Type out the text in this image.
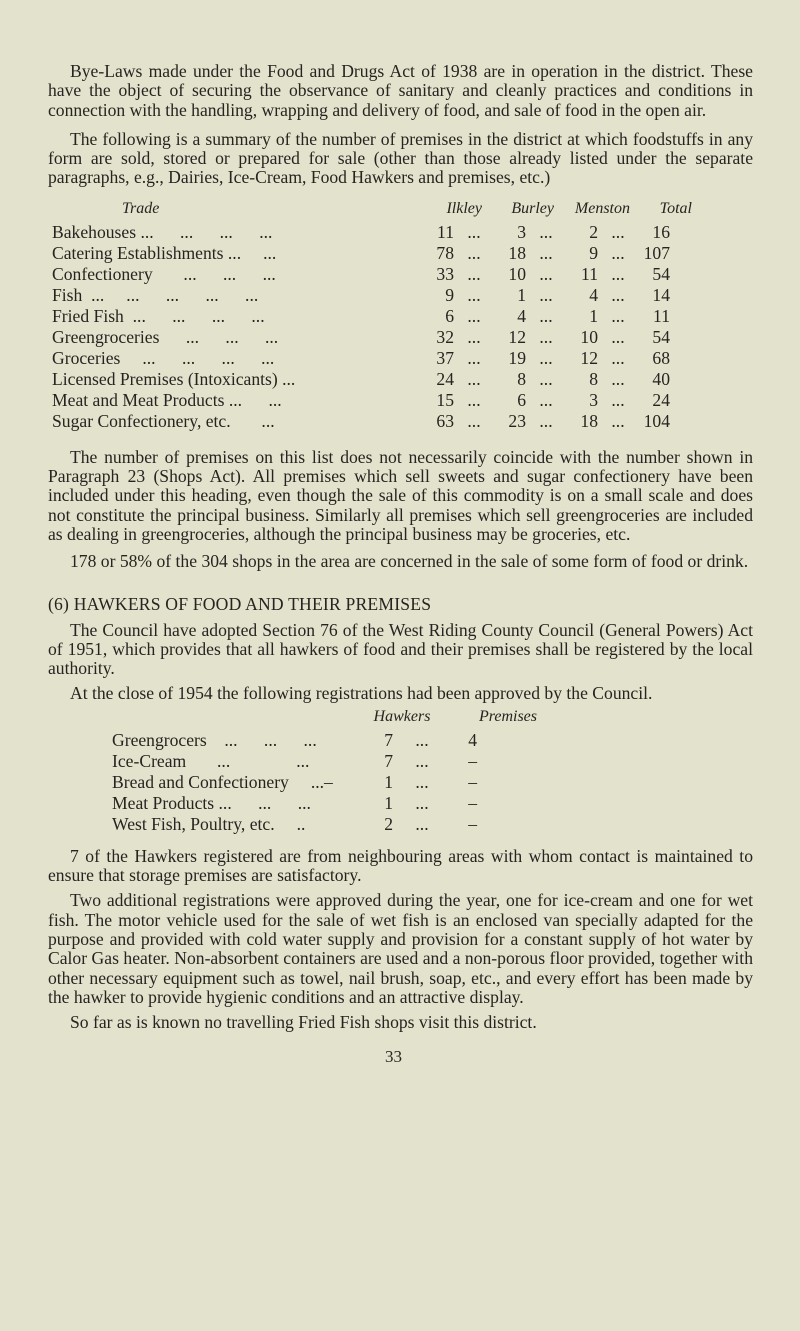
Bye-Laws made under the Food and Drugs Act of 1938 are in operation in the district. These have the object of securing the observance of sanitary and cleanly practices and conditions in connection with the handling, wrapping and delivery of food, and sale of food in the open air.

The following is a summary of the number of premises in the district at which foodstuffs in any form are sold, stored or prepared for sale (other than those already listed under the separate paragraphs, e.g., Dairies, Ice-Cream, Food Hawkers and premises, etc.)

Trade	Ilkley	Burley	Menston	Total
Bakehouses ...      ...      ...      ...	11 ...	3 ...	2 ...	16
Catering Establishments ...     ...	78 ...	18 ...	9 ...	107
Confectionery       ...      ...      ...	33 ...	10 ...	11 ...	54
Fish  ...     ...      ...      ...      ...	9 ...	1 ...	4 ...	14
Fried Fish  ...      ...      ...      ...	6 ...	4 ...	1 ...	11
Greengroceries      ...      ...      ...	32 ...	12 ...	10 ...	54
Groceries     ...      ...      ...      ...	37 ...	19 ...	12 ...	68
Licensed Premises (Intoxicants) ...	24 ...	8 ...	8 ...	40
Meat and Meat Products ...      ...	15 ...	6 ...	3 ...	24
Sugar Confectionery, etc.       ...	63 ...	23 ...	18 ...	104

The number of premises on this list does not necessarily coincide with the number shown in Paragraph 23 (Shops Act). All premises which sell sweets and sugar confectionery have been included under this heading, even though the sale of this commodity is on a small scale and does not constitute the principal business. Similarly all premises which sell greengroceries are included as dealing in greengroceries, although the principal business may be groceries, etc.

178 or 58% of the 304 shops in the area are concerned in the sale of some form of food or drink.

(6) HAWKERS OF FOOD AND THEIR PREMISES

The Council have adopted Section 76 of the West Riding County Council (General Powers) Act of 1951, which provides that all hawkers of food and their premises shall be registered by the local authority.

At the close of 1954 the following registrations had been approved by the Council.

Hawkers	Premises
Greengrocers    ...      ...      ...	7	...	4
Ice-Cream       ...               ...	7	...	–
Bread and Confectionery     ...–	1	...	–
Meat Products ...      ...      ...	1	...	–
West Fish, Poultry, etc.     ..	2	...	–

7 of the Hawkers registered are from neighbouring areas with whom contact is maintained to ensure that storage premises are satisfactory.

Two additional registrations were approved during the year, one for ice-cream and one for wet fish. The motor vehicle used for the sale of wet fish is an enclosed van specially adapted for the purpose and provided with cold water supply and provision for a constant supply of hot water by Calor Gas heater. Non-absorbent containers are used and a non-porous floor provided, together with other necessary equipment such as towel, nail brush, soap, etc., and every effort has been made by the hawker to provide hygienic conditions and an attractive display.

So far as is known no travelling Fried Fish shops visit this district.

33
